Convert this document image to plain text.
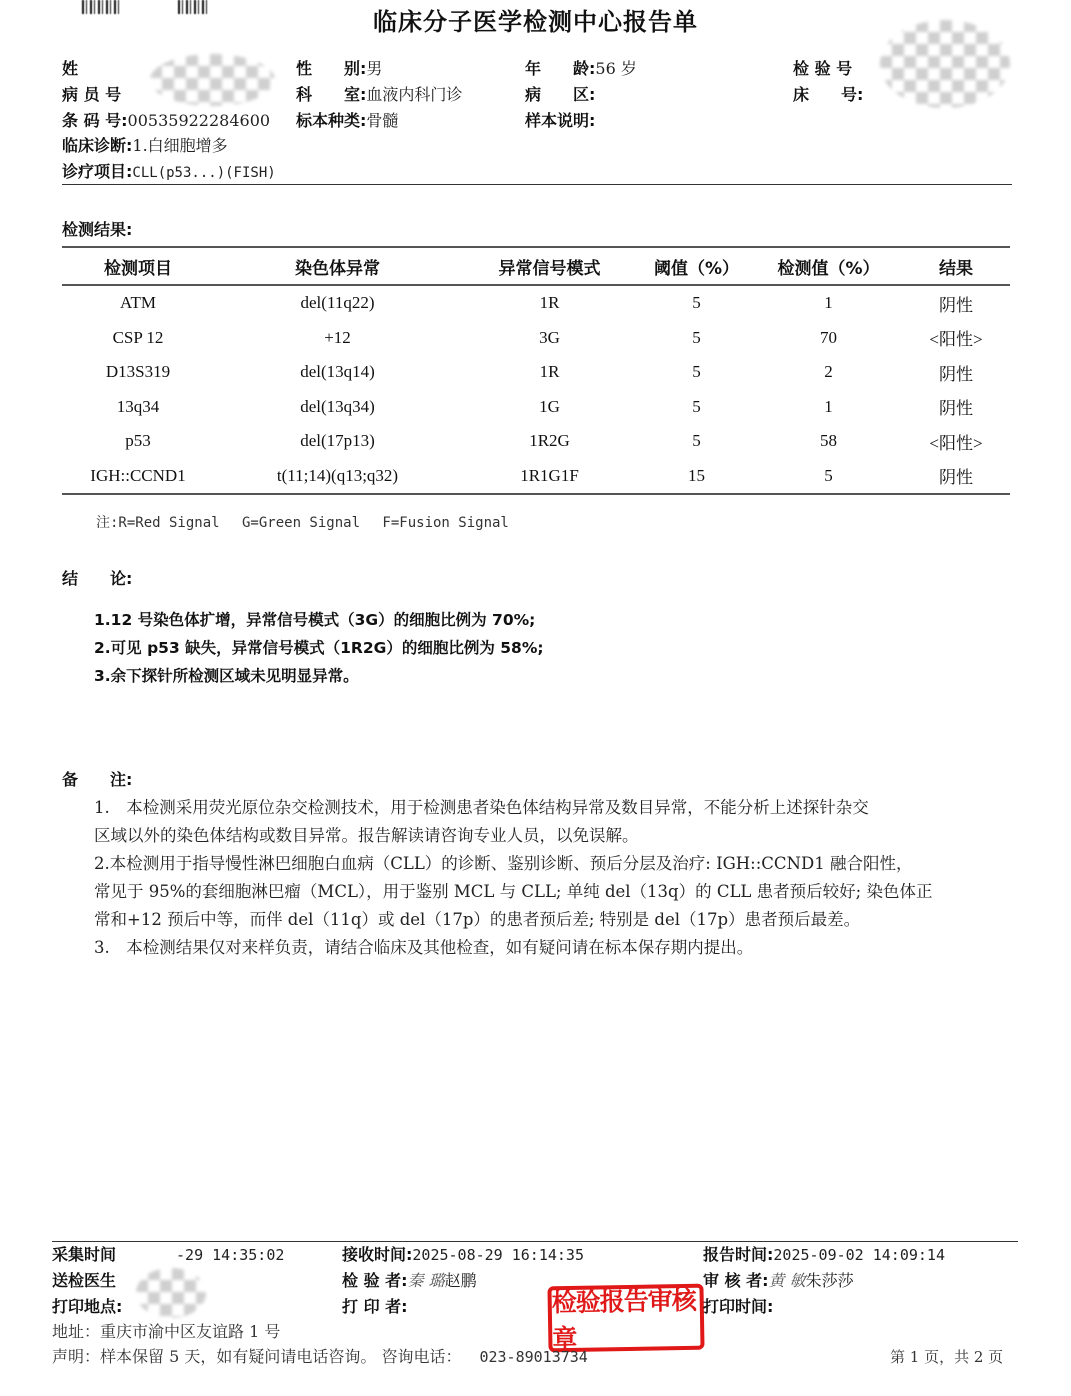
临床分子医学检测中心报告单
姓
病 员 号
条 码 号:00535922284600
临床诊断:1.白细胞增多
诊疗项目:CLL(p53...)(FISH)
性　　别:男
科　　室:血液内科门诊
标本种类:骨髓
年　　龄:56 岁
病　　区:
样本说明:
检 验 号
床　　号:
检测结果:
检测项目	染色体异常	异常信号模式	阈值（%）	检测值（%）	结果
ATM	del(11q22)	1R	5	1	阴性
CSP 12	+12	3G	5	70	<阳性>
D13S319	del(13q14)	1R	5	2	阴性
13q34	del(13q34)	1G	5	1	阴性
p53	del(17p13)	1R2G	5	58	<阳性>
IGH::CCND1	t(11;14)(q13;q32)	1R1G1F	15	5	阴性
注:R=Red Signal　 G=Green Signal　 F=Fusion Signal
结　　论:
1.12 号染色体扩增，异常信号模式（3G）的细胞比例为 70%;
2.可见 p53 缺失，异常信号模式（1R2G）的细胞比例为 58%;
3.余下探针所检测区域未见明显异常。
备　　注:
1.　本检测采用荧光原位杂交检测技术，用于检测患者染色体结构异常及数目异常，不能分析上述探针杂交
区域以外的染色体结构或数目异常。报告解读请咨询专业人员，以免误解。
2.本检测用于指导慢性淋巴细胞白血病（CLL）的诊断、鉴别诊断、预后分层及治疗: IGH::CCND1 融合阳性，
常见于 95%的套细胞淋巴瘤（MCL），用于鉴别 MCL 与 CLL; 单纯 del（13q）的 CLL 患者预后较好; 染色体正
常和+12 预后中等，而伴 del（11q）或 del（17p）的患者预后差; 特别是 del（17p）患者预后最差。
3.　本检测结果仅对来样负责，请结合临床及其他检查，如有疑问请在标本保存期内提出。
采集时间	-29 14:35:02
送检医生
打印地点:
接收时间:2025-08-29 16:14:35
检 验 者:秦 璐赵鹏
打 印 者:
报告时间:2025-09-02 14:09:14
审 核 者:黄 敏朱莎莎
打印时间:
检验报告审核章
地址：重庆市渝中区友谊路 1 号
声明：样本保留 5 天，如有疑问请电话咨询。 咨询电话： 023-89013734	第 1 页，共 2 页
